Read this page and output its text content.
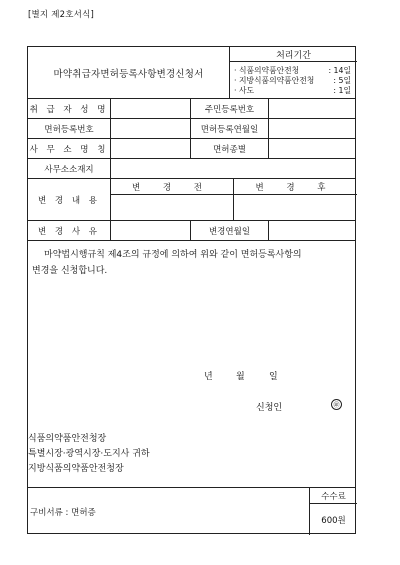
[별지 제2호서식]
마약취급자면허등록사항변경신청서
처리기간
· 식품의약품안전청	: 14일
· 지방식품의약품안전청 : 5일
· 사도	: 1일
취 급 자 성 명	주민등록번호
면허등록번호	면허등록연월일
사 무 소 명 칭	면허종별
사무소소재지
변 경 내 용
변 경 전	변 경 후
변 경 사 유	변경연월일
마약법시행규칙 제4조의 규정에 의하여 위와 같이 면허등록사항의
변경을 신청합니다.
년	월	일
신청인	㊞
식품의약품안전청장
특별시장·광역시장·도지사 귀하
지방식품의약품안전청장
구비서류 : 면허증
수수료
600원
